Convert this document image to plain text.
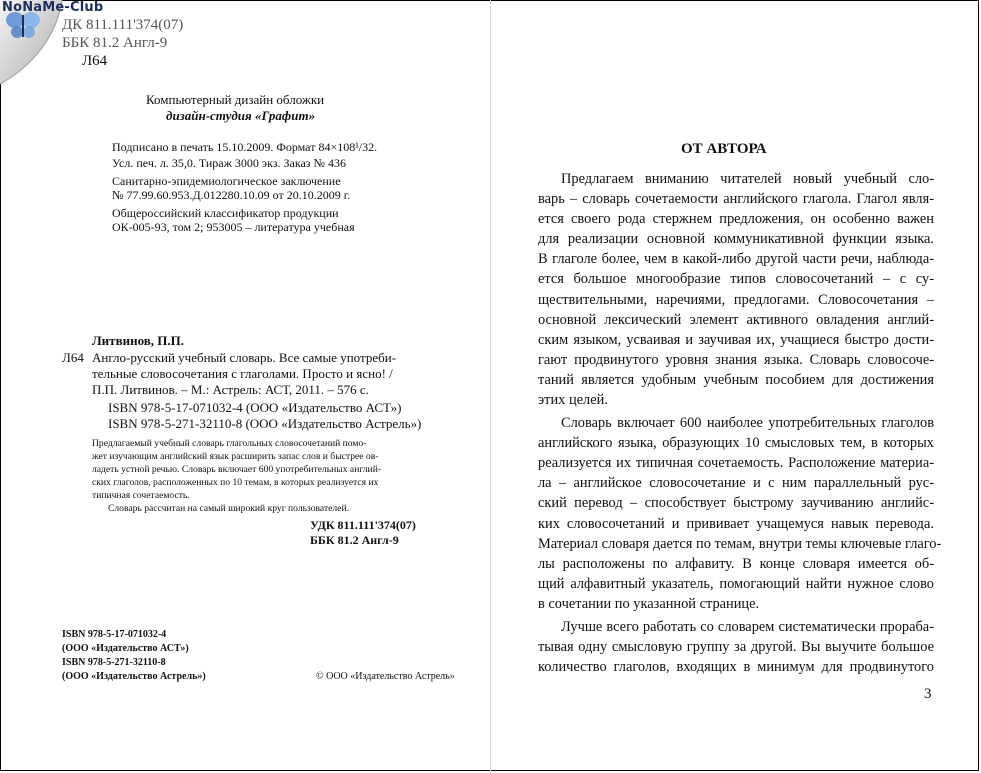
NoNaMe-Club
ДК 811.111'374(07)
ББК 81.2 Англ-9
Л64
Компьютерный дизайн обложки
дизайн-студия «Графит»
Подписано в печать 15.10.2009. Формат 84×108¹/32.
Усл. печ. л. 35,0. Тираж 3000 экз. Заказ № 436
Санитарно-эпидемиологическое заключение
№ 77.99.60.953.Д.012280.10.09 от 20.10.2009 г.
Общероссийский классификатор продукции
ОК-005-93, том 2; 953005 – литература учебная
Литвинов, П.П.
Л64 Англо-русский учебный словарь. Все самые употреби-
тельные словосочетания с глаголами. Просто и ясно! /
П.П. Литвинов. – М.: Астрель: АСТ, 2011. – 576 с.
ISBN 978-5-17-071032-4 (ООО «Издательство АСТ»)
ISBN 978-5-271-32110-8 (ООО «Издательство Астрель»)
Предлагаемый учебный словарь глагольных словосочетаний помо-
жет изучающим английский язык расширить запас слов и быстрее ов-
ладеть устной речью. Словарь включает 600 употребительных англий-
ских глаголов, расположенных по 10 темам, в которых реализуется их
типичная сочетаемость.
Словарь рассчитан на самый широкий круг пользователей.
УДК 811.111'374(07)
ББК 81.2 Англ-9
ISBN 978-5-17-071032-4
(ООО «Издательство АСТ»)
ISBN 978-5-271-32110-8
(ООО «Издательство Астрель»)	© ООО «Издательство Астрель»
ОТ АВТОРА
Предлагаем вниманию читателей новый учебный сло-
варь – словарь сочетаемости английского глагола. Глагол явля-
ется своего рода стержнем предложения, он особенно важен
для реализации основной коммуникативной функции языка.
В глаголе более, чем в какой-либо другой части речи, наблюда-
ется большое многообразие типов словосочетаний – с су-
ществительными, наречиями, предлогами. Словосочетания –
основной лексический элемент активного овладения англий-
ским языком, усваивая и заучивая их, учащиеся быстро дости-
гают продвинутого уровня знания языка. Словарь словосоче-
таний является удобным учебным пособием для достижения
этих целей.
Словарь включает 600 наиболее употребительных глаголов
английского языка, образующих 10 смысловых тем, в которых
реализуется их типичная сочетаемость. Расположение материа-
ла – английское словосочетание и с ним параллельный рус-
ский перевод – способствует быстрому заучиванию английс-
ких словосочетаний и прививает учащемуся навык перевода.
Материал словаря дается по темам, внутри темы ключевые глаго-
лы расположены по алфавиту. В конце словаря имеется об-
щий алфавитный указатель, помогающий найти нужное слово
в сочетании по указанной странице.
Лучше всего работать со словарем систематически прораба-
тывая одну смысловую группу за другой. Вы выучите большое
количество глаголов, входящих в минимум для продвинутого
3
